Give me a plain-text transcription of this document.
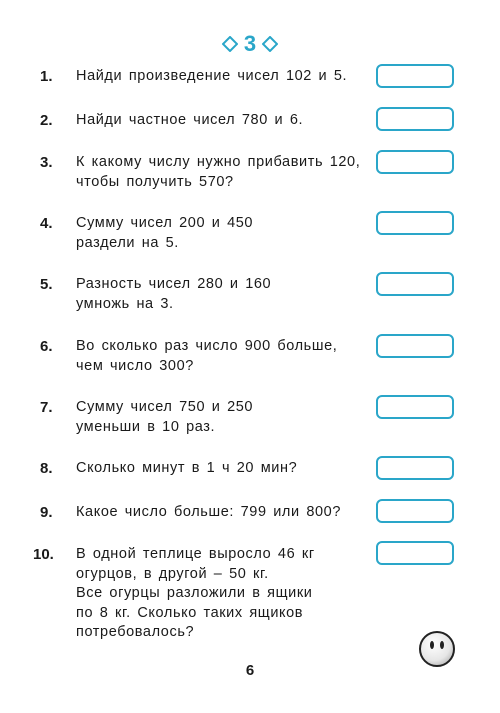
3
1.	Найди произведение чисел 102 и 5.
2.	Найди частное чисел 780 и 6.
3.	К какому числу нужно прибавить 120,
чтобы получить 570?
4.	Сумму чисел 200 и 450
раздели на 5.
5.	Разность чисел 280 и 160
умножь на 3.
6.	Во сколько раз число 900 больше,
чем число 300?
7.	Сумму чисел 750 и 250
уменьши в 10 раз.
8.	Сколько минут в 1 ч 20 мин?
9.	Какое число больше: 799 или 800?
10.	В одной теплице выросло 46 кг
огурцов, в другой – 50 кг.
Все огурцы разложили в ящики
по 8 кг. Сколько таких ящиков
потребовалось?
6
